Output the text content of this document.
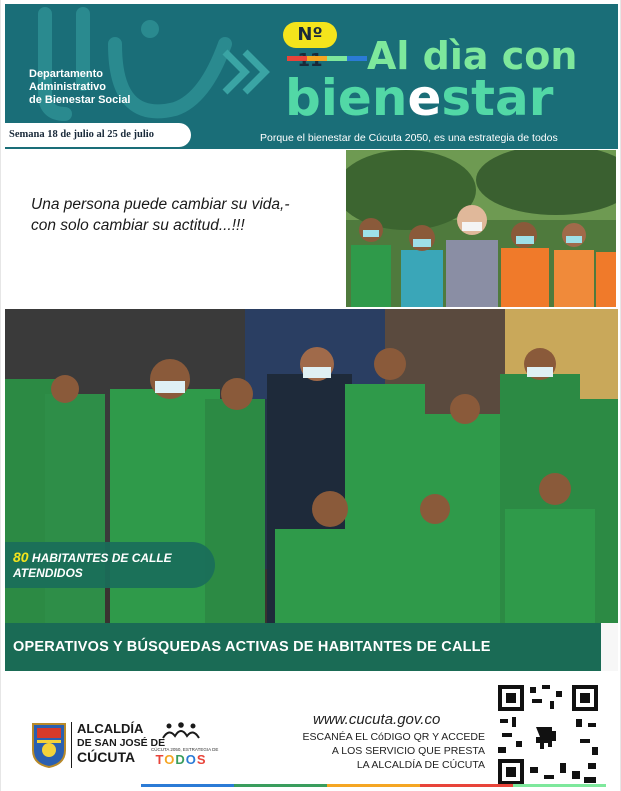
Departamento
Administrativo
de Bienestar Social
Nº	Al dìa con
bienestar
Porque el bienestar de Cúcuta 2050, es una estrategia de todos
Semana 18 de julio al 25 de julio
Una persona puede cambiar su vida,-
con solo cambiar su actitud...!!!
80 HABITANTES DE CALLE
ATENDIDOS
OPERATIVOS Y BÚSQUEDAS ACTIVAS DE HABITANTES DE CALLE
ALCALDÍA
DE SAN JOSÉ DE
CÚCUTA	CÚCUTA 2050, ESTRATEGIA DE
TODOS
www.cucuta.gov.co
ESCANÉA EL CóDIGO QR Y ACCEDE
A LOS SERVICIO QUE PRESTA
LA ALCALDÍA DE CÚCUTA
